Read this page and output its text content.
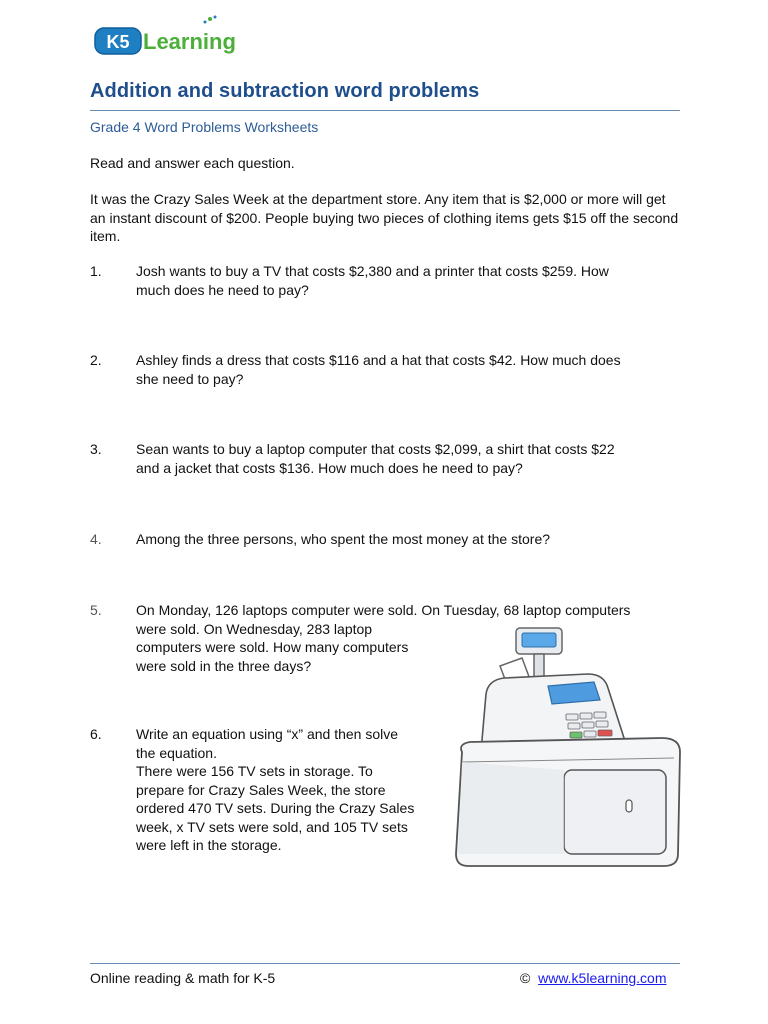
K5 Learning
Addition and subtraction word problems
Grade 4 Word Problems Worksheets
Read and answer each question.
It was the Crazy Sales Week at the department store. Any item that is $2,000 or more will get an instant discount of $200. People buying two pieces of clothing items gets $15 off the second item.
1.	Josh wants to buy a TV that costs $2,380 and a printer that costs $259. How
much does he need to pay?
2.	Ashley finds a dress that costs $116 and a hat that costs $42. How much does
she need to pay?
3.	Sean wants to buy a laptop computer that costs $2,099, a shirt that costs $22
and a jacket that costs $136. How much does he need to pay?
4.	Among the three persons, who spent the most money at the store?
5.	On Monday, 126 laptops computer were sold. On Tuesday, 68 laptop computers
were sold. On Wednesday, 283 laptop
computers were sold. How many computers
were sold in the three days?
6.	Write an equation using “x” and then solve
the equation.
There were 156 TV sets in storage. To
prepare for Crazy Sales Week, the store
ordered 470 TV sets. During the Crazy Sales
week, x TV sets were sold, and 105 TV sets
were left in the storage.
Online reading & math for K-5	© www.k5learning.com
